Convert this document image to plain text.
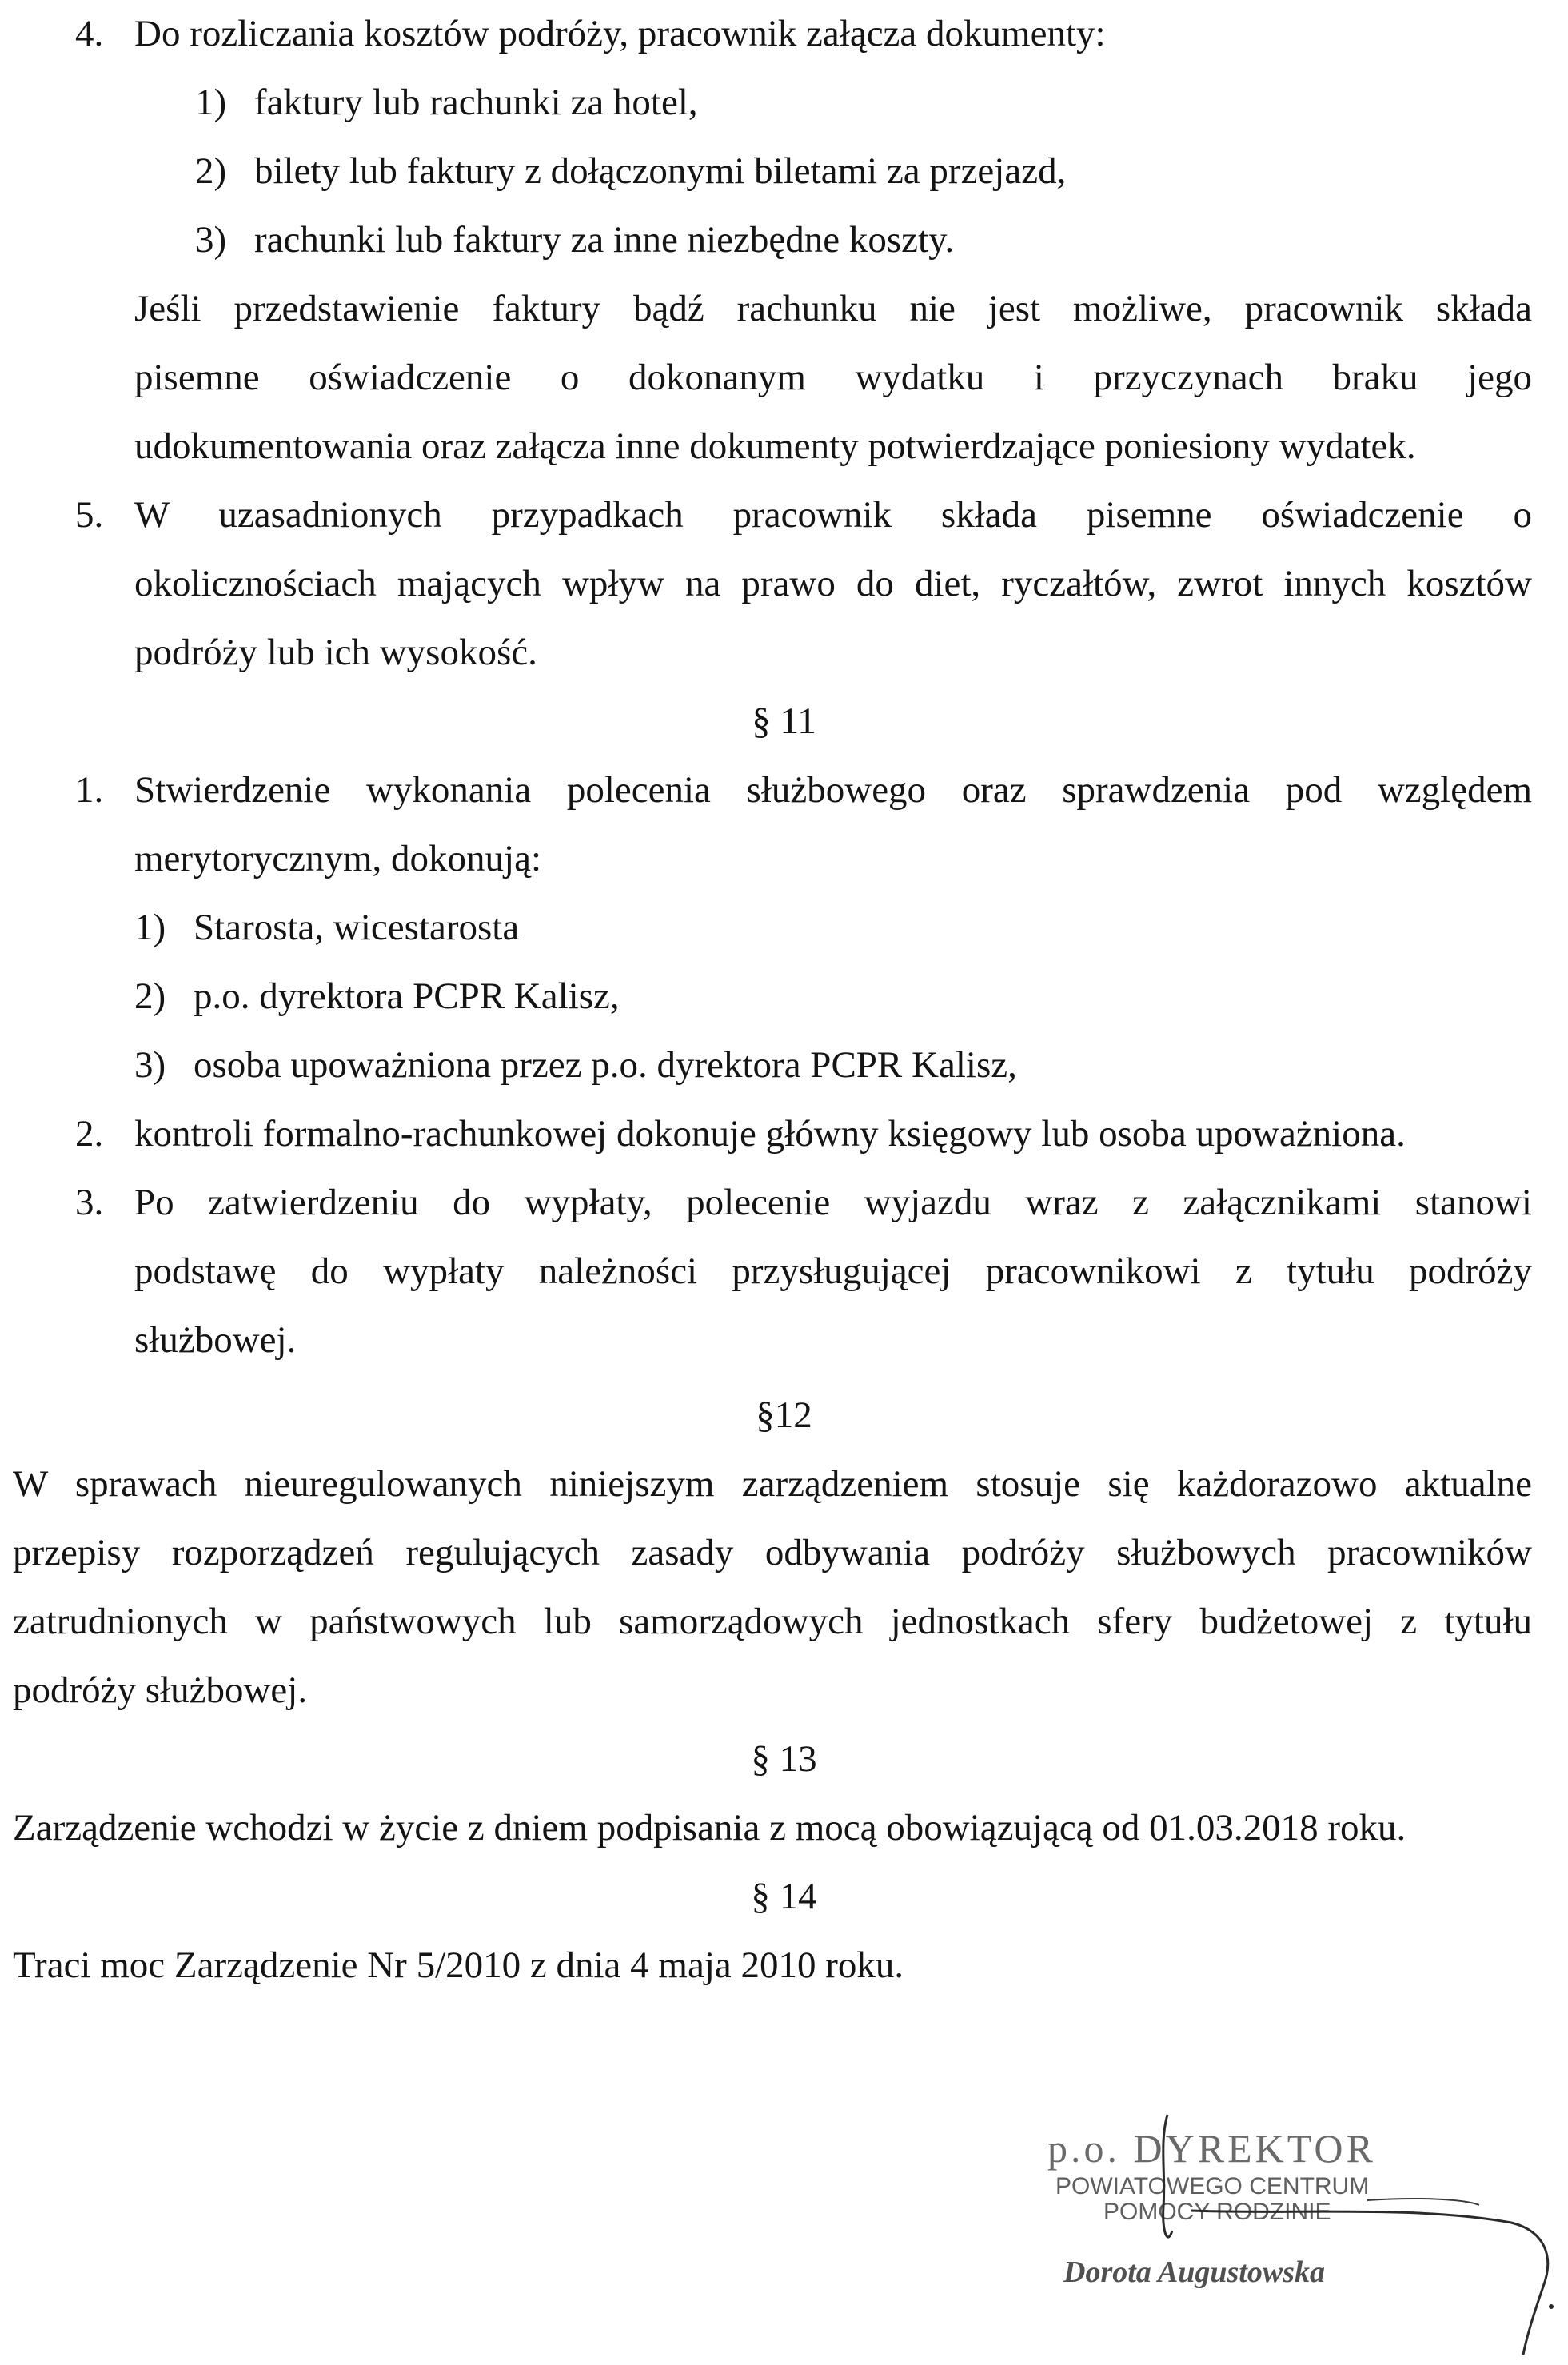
4. Do rozliczania kosztów podróży, pracownik załącza dokumenty:
1) faktury lub rachunki za hotel,
2) bilety lub faktury z dołączonymi biletami za przejazd,
3) rachunki lub faktury za inne niezbędne koszty.
Jeśli przedstawienie faktury bądź rachunku nie jest możliwe, pracownik składa
pisemne oświadczenie o dokonanym wydatku i przyczynach braku jego
udokumentowania oraz załącza inne dokumenty potwierdzające poniesiony wydatek.
5. W uzasadnionych przypadkach pracownik składa pisemne oświadczenie o
okolicznościach mających wpływ na prawo do diet, ryczałtów, zwrot innych kosztów
podróży lub ich wysokość.
§ 11
1. Stwierdzenie wykonania polecenia służbowego oraz sprawdzenia pod względem
merytorycznym, dokonują:
1) Starosta, wicestarosta
2) p.o. dyrektora PCPR Kalisz,
3) osoba upoważniona przez p.o. dyrektora PCPR Kalisz,
2. kontroli formalno-rachunkowej dokonuje główny księgowy lub osoba upoważniona.
3. Po zatwierdzeniu do wypłaty, polecenie wyjazdu wraz z załącznikami stanowi
podstawę do wypłaty należności przysługującej pracownikowi z tytułu podróży
służbowej.
§12
W sprawach nieuregulowanych niniejszym zarządzeniem stosuje się każdorazowo aktualne
przepisy rozporządzeń regulujących zasady odbywania podróży służbowych pracowników
zatrudnionych w państwowych lub samorządowych jednostkach sfery budżetowej z tytułu
podróży służbowej.
§ 13
Zarządzenie wchodzi w życie z dniem podpisania z mocą obowiązującą od 01.03.2018 roku.
§ 14
Traci moc Zarządzenie Nr 5/2010 z dnia 4 maja 2010 roku.
p.o. DYREKTOR
POWIATOWEGO CENTRUM
POMOCY RODZINIE
Dorota Augustowska
